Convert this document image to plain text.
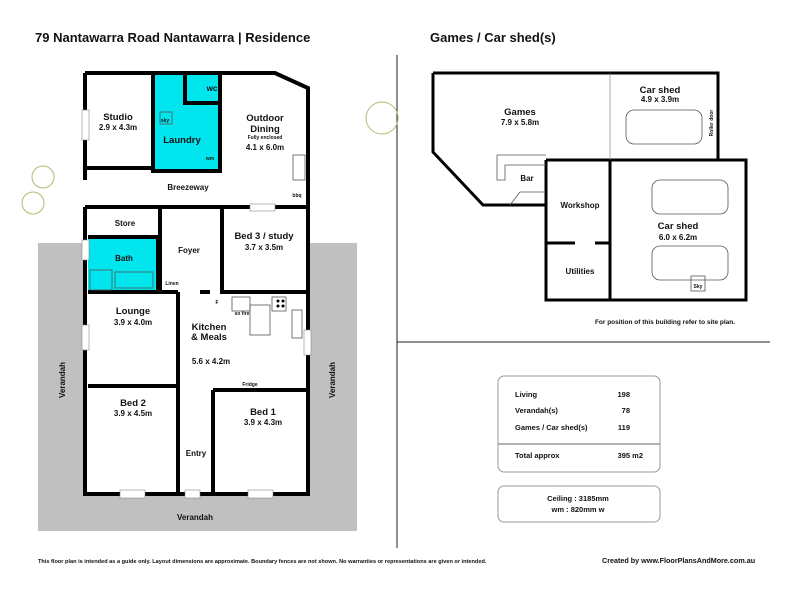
79 Nantawarra Road Nantawarra | Residence	Games / Car shed(s)
Studio
2.9 x 4.3m
Laundry
sky
wm
wc
Outdoor
Dining
Fully enclosed
4.1 x 6.0m
bbq
Breezeway
Store
Bath
Linen
Foyer
Bed 3 / study
3.7 x 3.5m
Lounge
3.9 x 4.0m	Kitchen
& Meals
5.6 x 4.2m
Fridge
so fire
F
Bed 2
3.9 x 4.5m	Bed 1
3.9 x 4.3m
Entry
Verandah
Verandah	Verandah
Games
7.9 x 5.8m
Car shed
4.9 x 3.9m
Roller door
Bar
Workshop
Utilities
Car shed
6.0 x 6.2m
Sky
For position of this building refer to site plan.
Living	198
Verandah(s)	78
Games / Car shed(s)	119
Total approx	395 m2
Ceiling : 3185mm
wm : 820mm w
This floor plan is intended as a guide only. Layout dimensions are approximate. Boundary fences are not shown. No warranties or representations are given or intended.	Created by www.FloorPlansAndMore.com.au
